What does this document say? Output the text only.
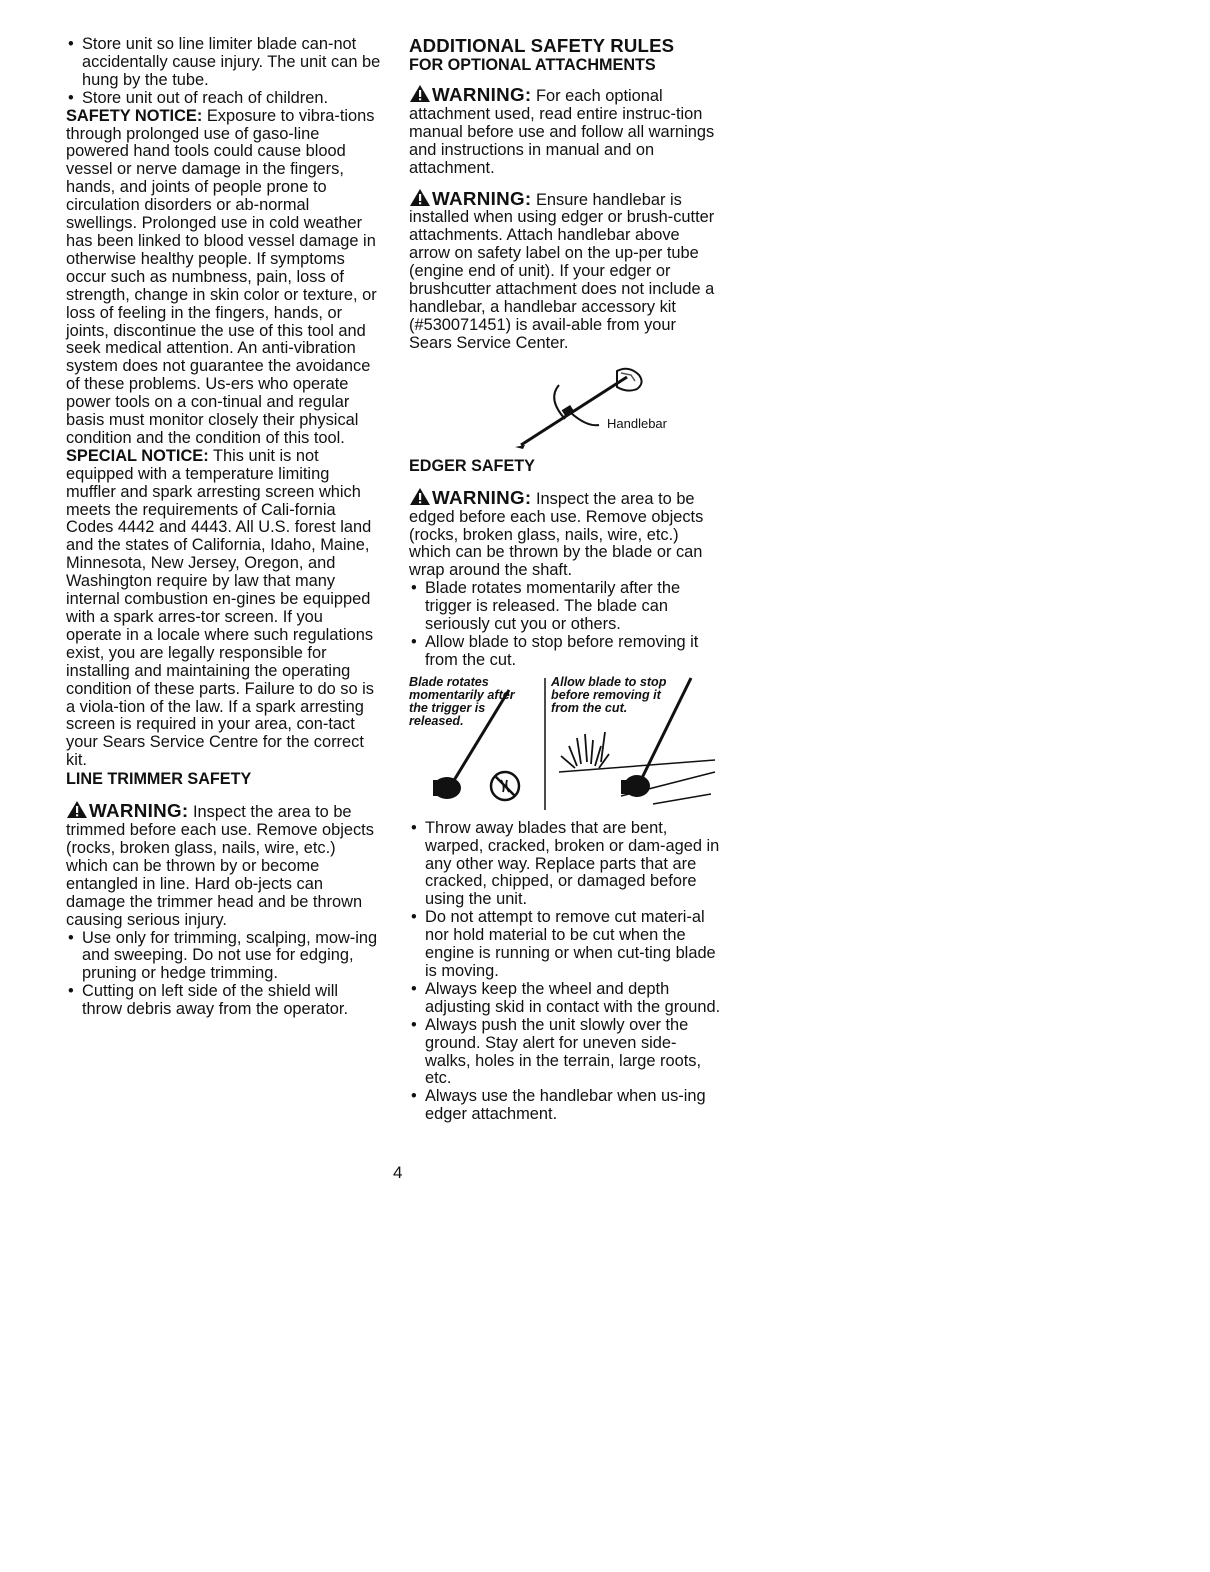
• Store unit so line limiter blade can-not accidentally cause injury. The unit can be hung by the tube.

• Store unit out of reach of children.

SAFETY NOTICE: Exposure to vibra-tions through prolonged use of gaso-line powered hand tools could cause blood vessel or nerve damage in the fingers, hands, and joints of people prone to circulation disorders or ab-normal swellings. Prolonged use in cold weather has been linked to blood vessel damage in otherwise healthy people. If symptoms occur such as numbness, pain, loss of strength, change in skin color or texture, or loss of feeling in the fingers, hands, or joints, discontinue the use of this tool and seek medical attention. An anti-vibration system does not guarantee the avoidance of these problems. Us-ers who operate power tools on a con-tinual and regular basis must monitor closely their physical condition and the condition of this tool.

SPECIAL NOTICE: This unit is not equipped with a temperature limiting muffler and spark arresting screen which meets the requirements of Cali-fornia Codes 4442 and 4443. All U.S. forest land and the states of California, Idaho, Maine, Minnesota, New Jersey, Oregon, and Washington require by law that many internal combustion en-gines be equipped with a spark arres-tor screen. If you operate in a locale where such regulations exist, you are legally responsible for installing and maintaining the operating condition of these parts. Failure to do so is a viola-tion of the law. If a spark arresting screen is required in your area, con-tact your Sears Service Centre for the correct kit.

LINE TRIMMER SAFETY

WARNING: Inspect the area to be trimmed before each use. Remove objects (rocks, broken glass, nails, wire, etc.) which can be thrown by or become entangled in line. Hard ob-jects can damage the trimmer head and be thrown causing serious injury.

• Use only for trimming, scalping, mow-ing and sweeping. Do not use for edging, pruning or hedge trimming.

• Cutting on left side of the shield will throw debris away from the operator.

ADDITIONAL SAFETY RULES

FOR OPTIONAL ATTACHMENTS

WARNING: For each optional attachment used, read entire instruc-tion manual before use and follow all warnings and instructions in manual and on attachment.
WARNING: Ensure handlebar is installed when using edger or brush-cutter attachments. Attach handlebar above arrow on safety label on the up-per tube (engine end of unit). If your edger or brushcutter attachment does not include a handlebar, a handlebar accessory kit (#530071451) is avail-able from your Sears Service Center.
Handlebar

EDGER SAFETY

WARNING: Inspect the area to be edged before each use. Remove objects (rocks, broken glass, nails, wire, etc.) which can be thrown by the blade or can wrap around the shaft.

• Blade rotates momentarily after the trigger is released. The blade can seriously cut you or others.

• Allow blade to stop before removing it from the cut.

Blade rotates momentarily after the trigger is released.
Allow blade to stop before removing it from the cut.

• Throw away blades that are bent, warped, cracked, broken or dam-aged in any other way. Replace parts that are cracked, chipped, or damaged before using the unit.

• Do not attempt to remove cut materi-al nor hold material to be cut when the engine is running or when cut-ting blade is moving.

• Always keep the wheel and depth adjusting skid in contact with the ground.

• Always push the unit slowly over the ground. Stay alert for uneven side-walks, holes in the terrain, large roots, etc.

• Always use the handlebar when us-ing edger attachment.

4
